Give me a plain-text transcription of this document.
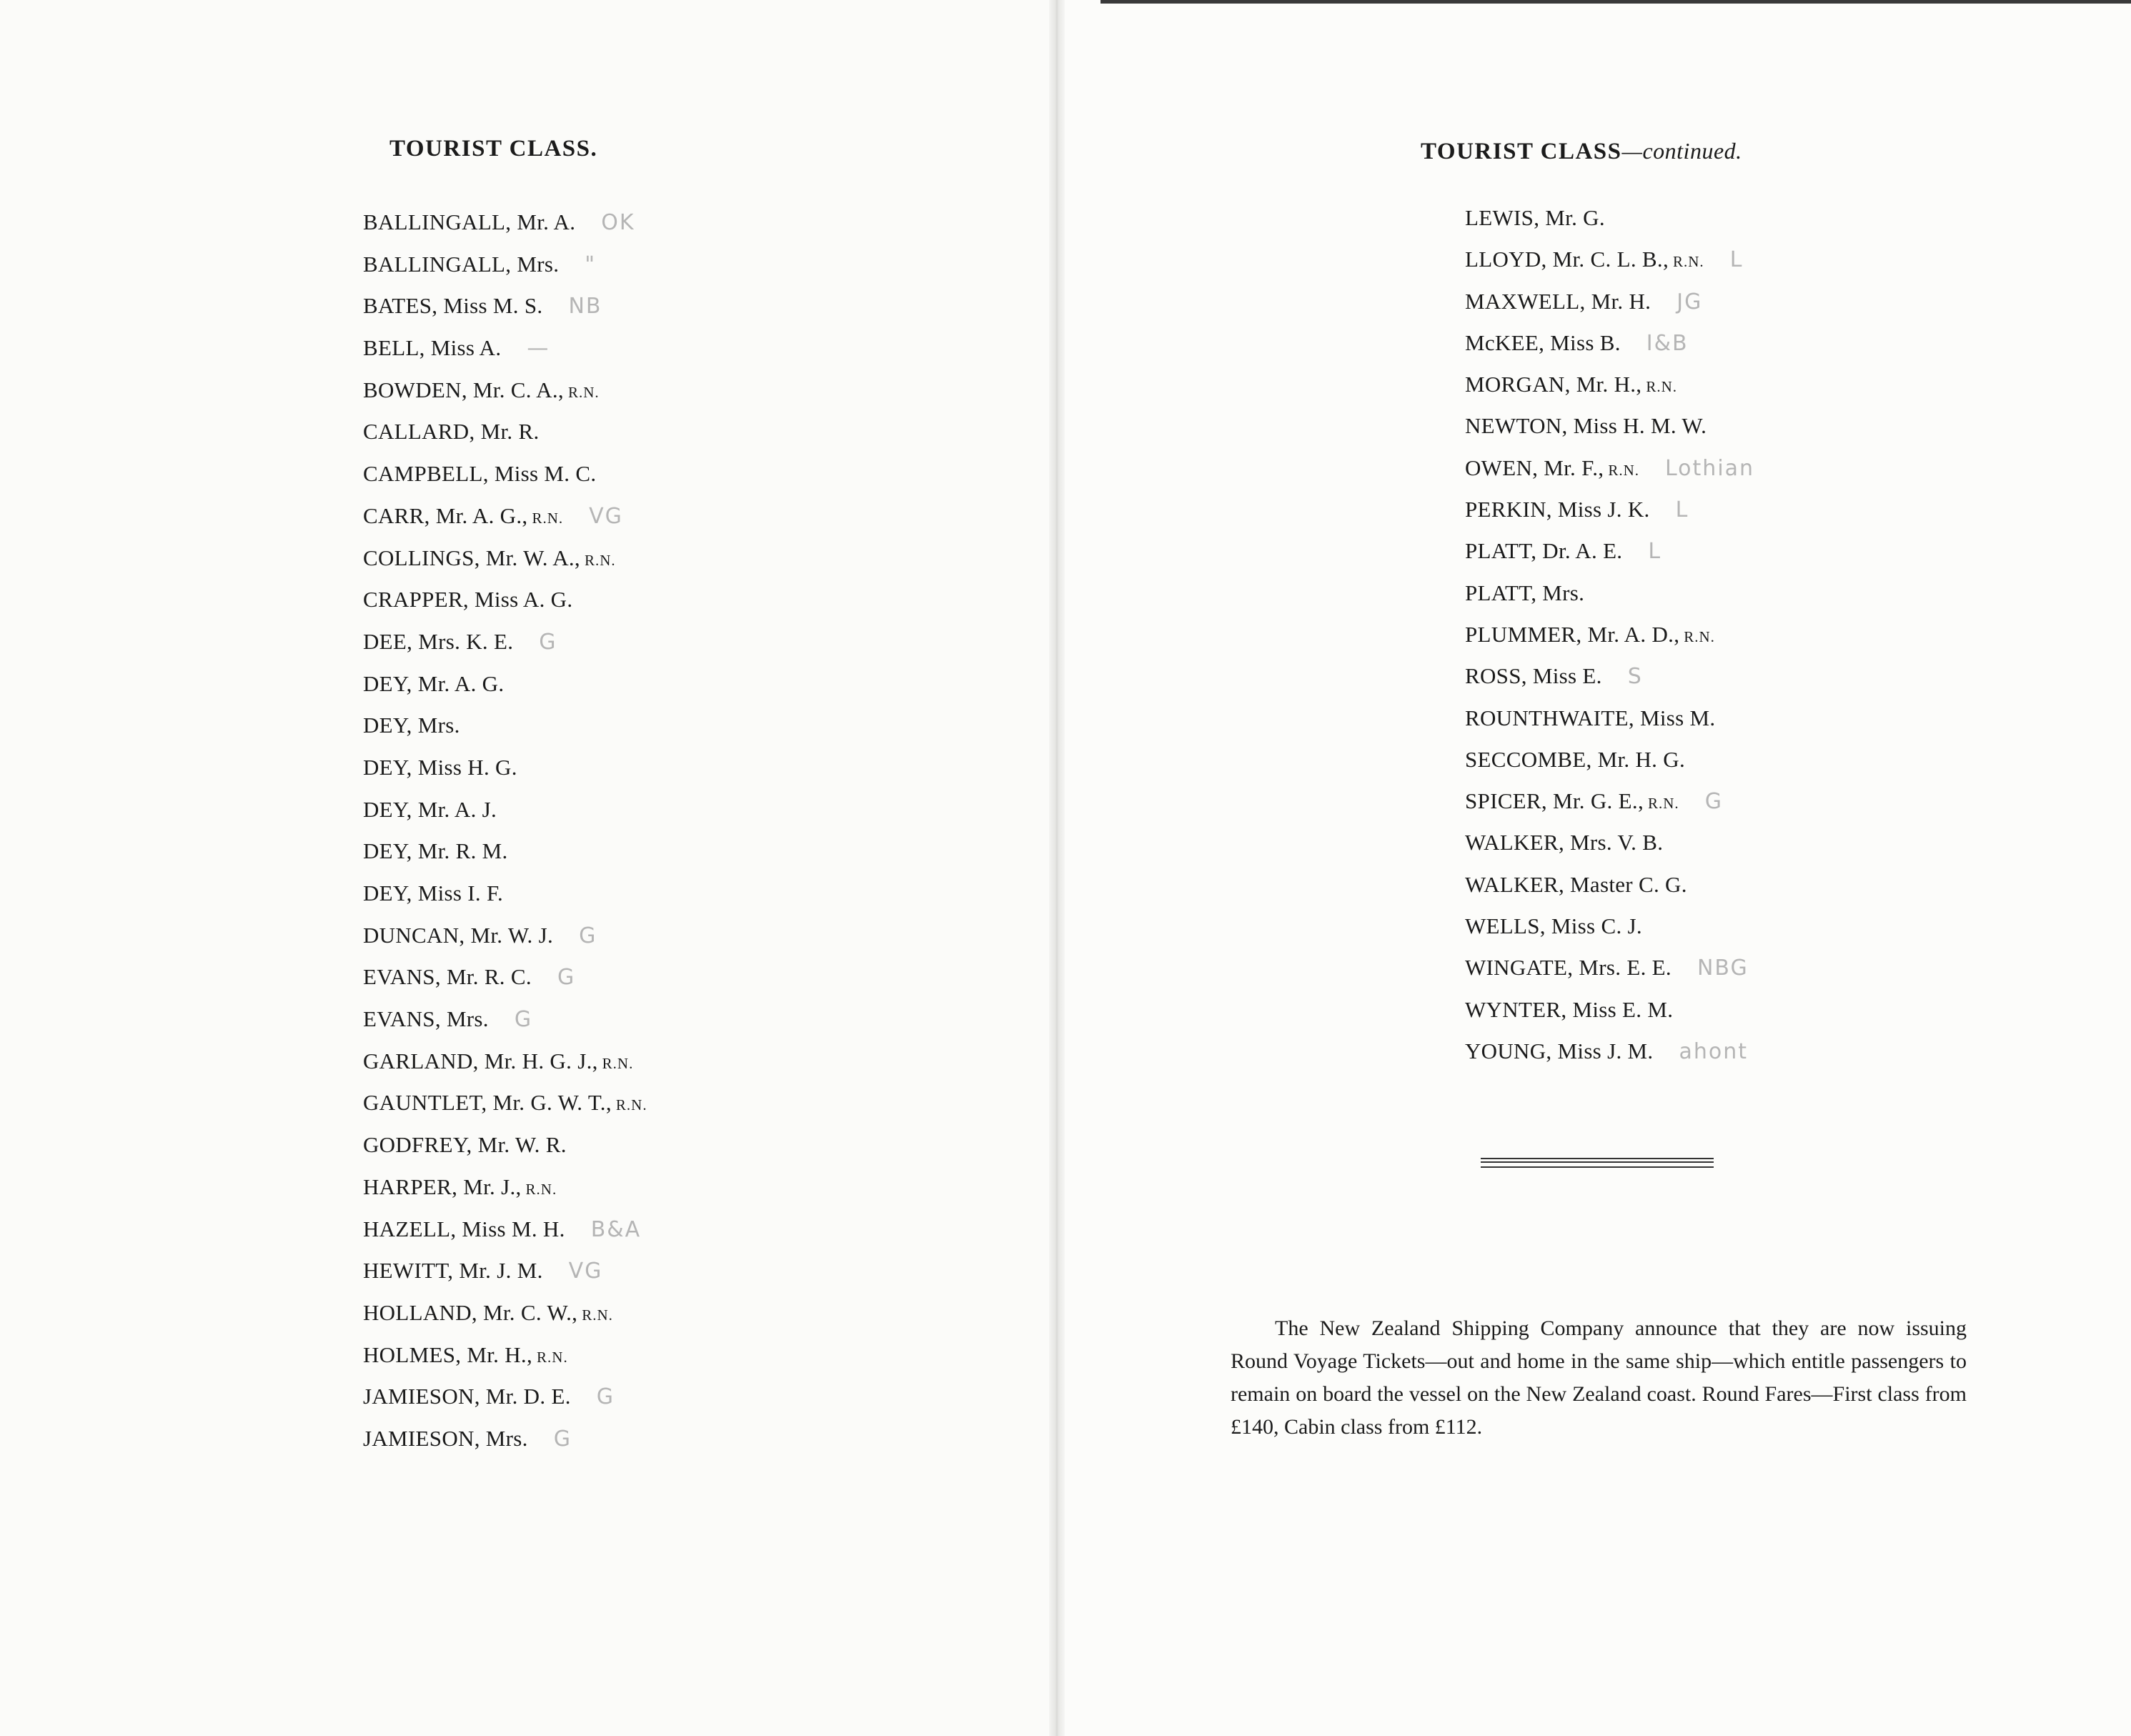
TOURIST CLASS.
BALLINGALL, Mr. A. OK
BALLINGALL, Mrs. "
BATES, Miss M. S. NB
BELL, Miss A. —
BOWDEN, Mr. C. A., R.N.
CALLARD, Mr. R.
CAMPBELL, Miss M. C.
CARR, Mr. A. G., R.N. VG
COLLINGS, Mr. W. A., R.N.
CRAPPER, Miss A. G.
DEE, Mrs. K. E. G
DEY, Mr. A. G.
DEY, Mrs.
DEY, Miss H. G.
DEY, Mr. A. J.
DEY, Mr. R. M.
DEY, Miss I. F.
DUNCAN, Mr. W. J. G
EVANS, Mr. R. C. G
EVANS, Mrs. G
GARLAND, Mr. H. G. J., R.N.
GAUNTLET, Mr. G. W. T., R.N.
GODFREY, Mr. W. R.
HARPER, Mr. J., R.N.
HAZELL, Miss M. H. B&A
HEWITT, Mr. J. M. VG
HOLLAND, Mr. C. W., R.N.
HOLMES, Mr. H., R.N.
JAMIESON, Mr. D. E. G
JAMIESON, Mrs. G
TOURIST CLASS—continued.
LEWIS, Mr. G.
LLOYD, Mr. C. L. B., R.N. L
MAXWELL, Mr. H. JG
McKEE, Miss B. I&B
MORGAN, Mr. H., R.N.
NEWTON, Miss H. M. W.
OWEN, Mr. F., R.N. Lothian
PERKIN, Miss J. K. L
PLATT, Dr. A. E. L
PLATT, Mrs.
PLUMMER, Mr. A. D., R.N.
ROSS, Miss E. S
ROUNTHWAITE, Miss M.
SECCOMBE, Mr. H. G.
SPICER, Mr. G. E., R.N. G
WALKER, Mrs. V. B.
WALKER, Master C. G.
WELLS, Miss C. J.
WINGATE, Mrs. E. E. NBG
WYNTER, Miss E. M.
YOUNG, Miss J. M. ahont

The New Zealand Shipping Company announce that they are now issuing Round Voyage Tickets—out and home in the same ship—which entitle passengers to remain on board the vessel on the New Zealand coast. Round Fares—First class from £140, Cabin class from £112.
